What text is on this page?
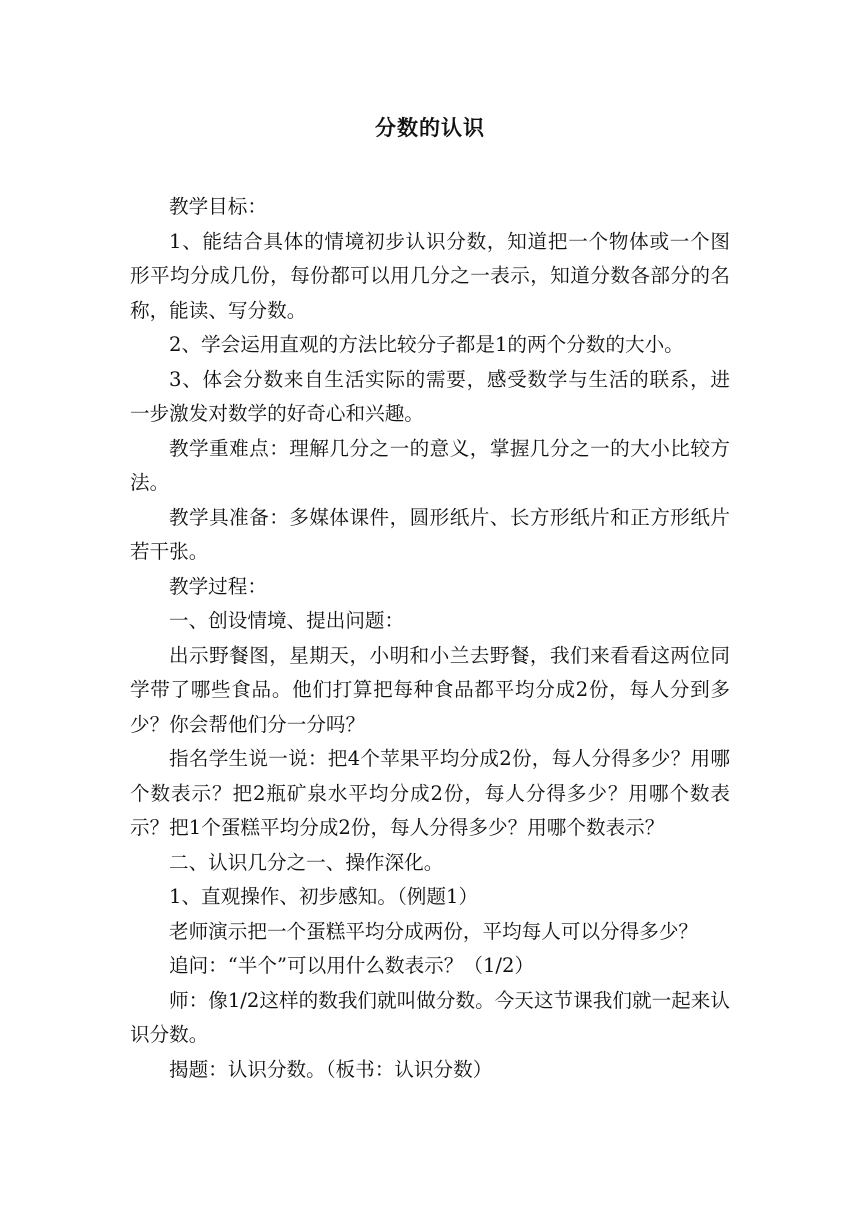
分数的认识

教学目标：

1、能结合具体的情境初步认识分数，知道把一个物体或一个图形平均分成几份，每份都可以用几分之一表示，知道分数各部分的名称，能读、写分数。

2、学会运用直观的方法比较分子都是1的两个分数的大小。

3、体会分数来自生活实际的需要，感受数学与生活的联系，进一步激发对数学的好奇心和兴趣。

教学重难点：理解几分之一的意义，掌握几分之一的大小比较方法。

教学具准备：多媒体课件，圆形纸片、长方形纸片和正方形纸片若干张。

教学过程：

一、创设情境、提出问题：

出示野餐图，星期天，小明和小兰去野餐，我们来看看这两位同学带了哪些食品。他们打算把每种食品都平均分成2份，每人分到多少？你会帮他们分一分吗？

指名学生说一说：把4个苹果平均分成2份，每人分得多少？用哪个数表示？把2瓶矿泉水平均分成2份，每人分得多少？用哪个数表示？把1个蛋糕平均分成2份，每人分得多少？用哪个数表示？

二、认识几分之一、操作深化。

1、直观操作、初步感知。（例题1）

老师演示把一个蛋糕平均分成两份，平均每人可以分得多少？

追问：“半个”可以用什么数表示？（1/2）

师：像1/2这样的数我们就叫做分数。今天这节课我们就一起来认识分数。

揭题：认识分数。（板书：认识分数）
